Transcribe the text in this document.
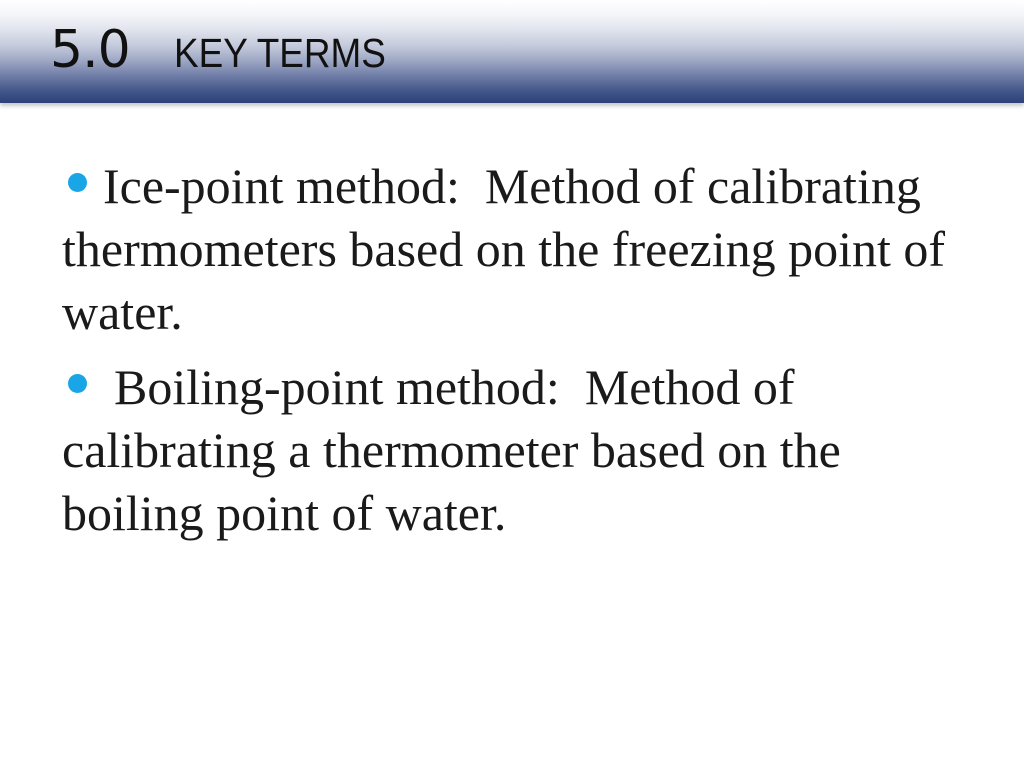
5.0 KEY TERMS

Ice-point method: Method of calibrating thermometers based on the freezing point of water.

Boiling-point method: Method of calibrating a thermometer based on the boiling point of water.
